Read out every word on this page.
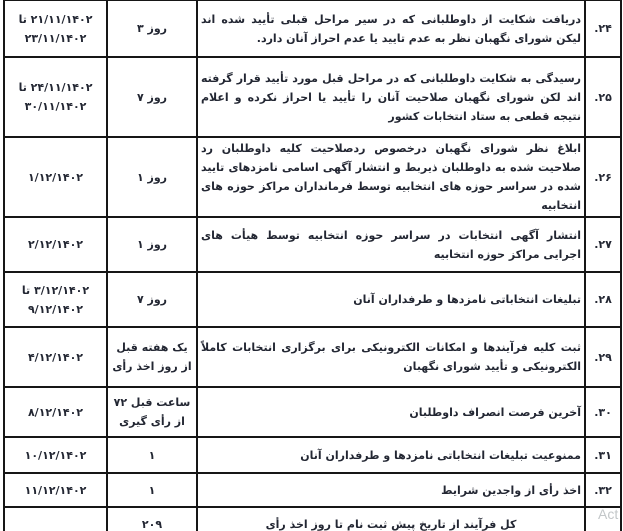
۲۴.	دریافت شکایت از داوطلبانی که در سیر مراحل قبلی تأیید شده اند لیکن شورای نگهبان نظر به عدم تایید یا عدم احراز آنان دارد.	۳ روز	۲۱/۱۱/۱۴۰۲ تا ۲۳/۱۱/۱۴۰۲
۲۵.	رسیدگی به شکایت داوطلبانی که در مراحل قبل مورد تأیید قرار گرفته اند لکن شورای نگهبان صلاحیت آنان را تأیید یا احراز نکرده و اعلام نتیجه قطعی به ستاد انتخابات کشور	۷ روز	۲۴/۱۱/۱۴۰۲ تا ۳۰/۱۱/۱۴۰۲
۲۶.	ابلاغ نظر شورای نگهبان درخصوص ردصلاحیت کلیه داوطلبان رد صلاحیت شده به داوطلبان ذیربط و انتشار آگهی اسامی نامزدهای تایید شده در سراسر حوزه های انتخابیه توسط فرمانداران مراکز حوزه های انتخابیه	۱ روز	۱/۱۲/۱۴۰۲
۲۷.	انتشار آگهی انتخابات در سراسر حوزه انتخابیه توسط هیأت های اجرایی مراکز حوزه انتخابیه	۱ روز	۲/۱۲/۱۴۰۲
۲۸.	تبلیغات انتخاباتی نامزدها و طرفداران آنان	۷ روز	۳/۱۲/۱۴۰۲ تا ۹/۱۲/۱۴۰۲
۲۹.	ثبت کلیه فرآیندها و امکانات الکترونیکی برای برگزاری انتخابات کاملاً الکترونیکی و تأیید شورای نگهبان	یک هفته قبل از روز اخذ رأی	۴/۱۲/۱۴۰۲
۳۰.	آخرین فرصت انصراف داوطلبان	۷۲ ساعت قبل از رأی گیری	۸/۱۲/۱۴۰۲
۳۱.	ممنوعیت تبلیغات انتخاباتی نامزدها و طرفداران آنان	۱	۱۰/۱۲/۱۴۰۲
۳۲.	اخذ رأی از واجدین شرایط	۱	۱۱/۱۲/۱۴۰۲
	کل فرآیند از تاریخ پیش ثبت نام تا روز اخذ رأی	۲۰۹	
Act
